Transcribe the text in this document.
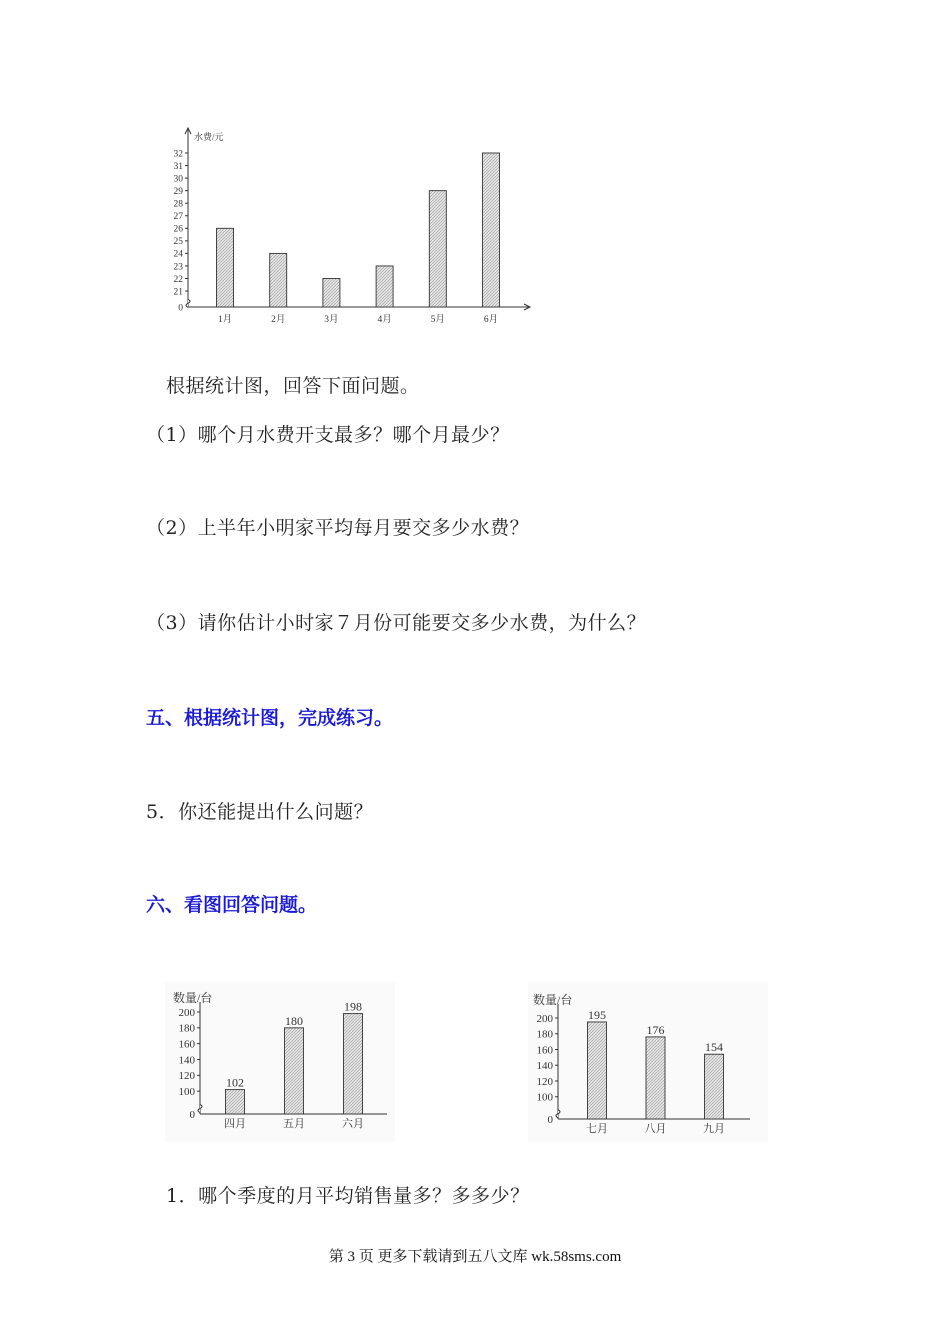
水费/元
0
21
22
23
24
25
26
27
28
29
30
31
32
1月	2月	3月	4月	5月	6月
根据统计图，回答下面问题。
（1）哪个月水费开支最多？哪个月最少？
（2）上半年小明家平均每月要交多少水费？
（3）请你估计小时家７月份可能要交多少水费，为什么？
五、根据统计图，完成练习。
5．你还能提出什么问题？
六、看图回答问题。
数量/台
0
100
120
140
160
180
200
四月
102
五月
180
六月
198	数量/台
0
100
120
140
160
180
200
七月
195
八月
176
九月
154
1．哪个季度的月平均销售量多？多多少？
第 3 页 更多下载请到五八文库 wk.58sms.com
